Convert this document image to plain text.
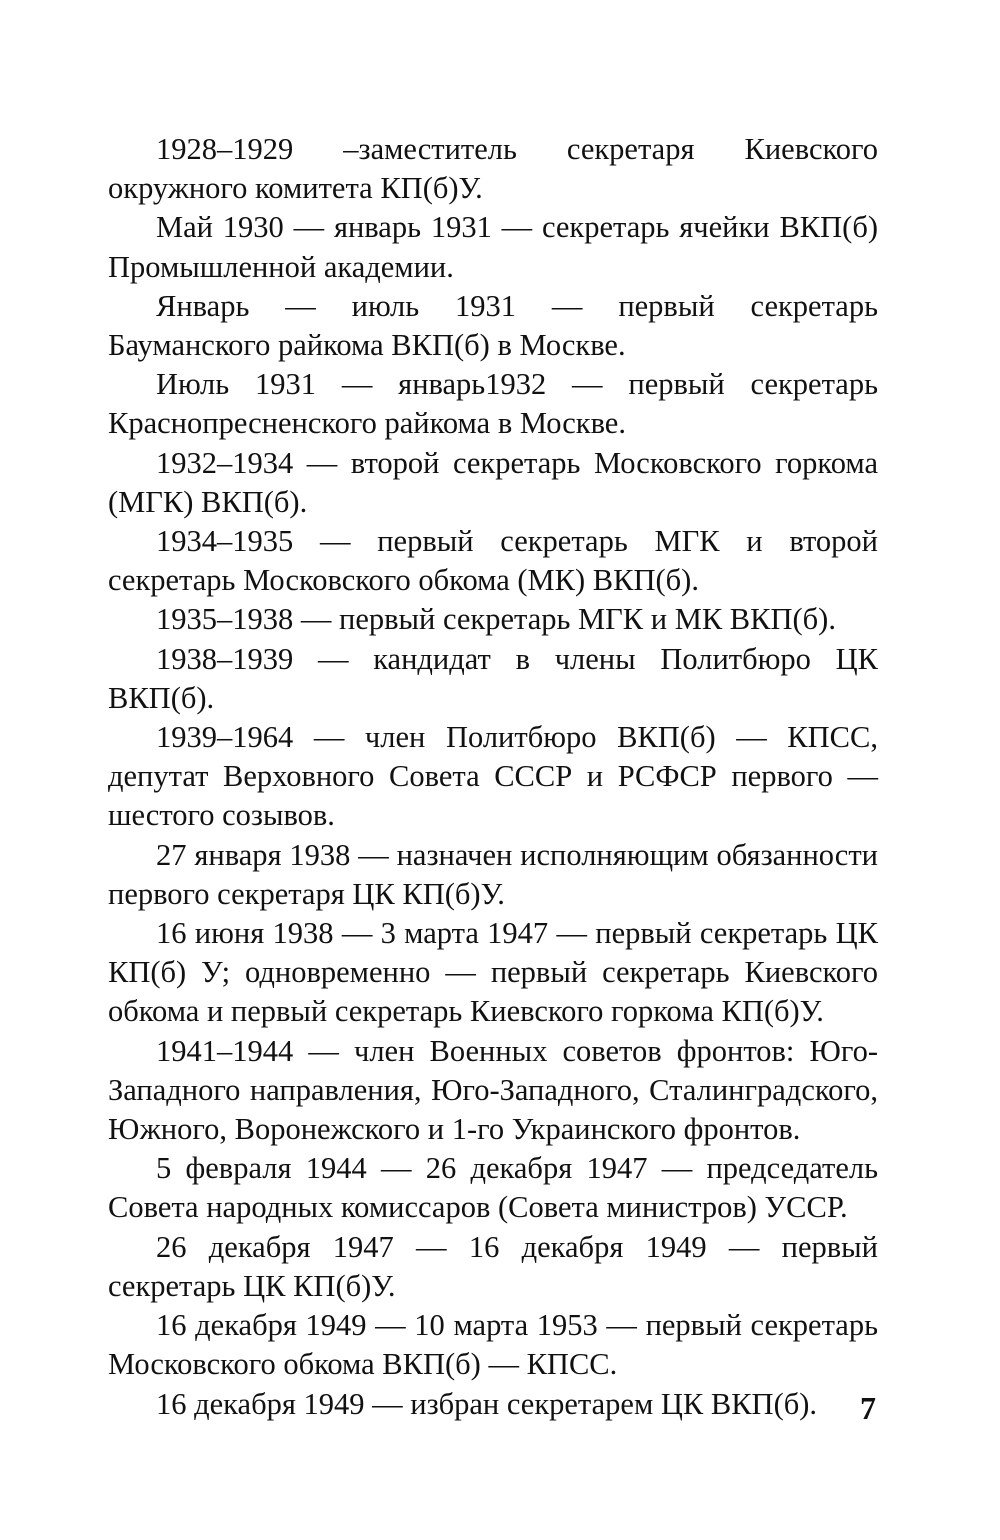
1928–1929 –заместитель секретаря Киевского окружного комитета КП(б)У.

Май 1930 — январь 1931 — секретарь ячейки ВКП(б) Промышленной академии.

Январь — июль 1931 — первый секретарь Бауманского райкома ВКП(б) в Москве.

Июль 1931 — январь1932 — первый секретарь Краснопресненского райкома в Москве.

1932–1934 — второй секретарь Московского горкома (МГК) ВКП(б).

1934–1935 — первый секретарь МГК и второй секретарь Московского обкома (МК) ВКП(б).

1935–1938 — первый секретарь МГК и МК ВКП(б).

1938–1939 — кандидат в члены Политбюро ЦК ВКП(б).

1939–1964 — член Политбюро ВКП(б) — КПСС, депутат Верховного Совета СССР и РСФСР первого — шестого созывов.

27 января 1938 — назначен исполняющим обязанности первого секретаря ЦК КП(б)У.

16 июня 1938 — 3 марта 1947 — первый секретарь ЦК КП(б) У; одновременно — первый секретарь Киевского обкома и первый секретарь Киевского горкома КП(б)У.

1941–1944 — член Военных советов фронтов: Юго-Западного направления, Юго-Западного, Сталинградского, Южного, Воронежского и 1-го Украинского фронтов.

5 февраля 1944 — 26 декабря 1947 — председатель Совета народных комиссаров (Совета министров) УССР.

26 декабря 1947 — 16 декабря 1949 — первый секретарь ЦК КП(б)У.

16 декабря 1949 — 10 марта 1953 — первый секретарь Московского обкома ВКП(б) — КПСС.

16 декабря 1949 — избран секретарем ЦК ВКП(б).	7
